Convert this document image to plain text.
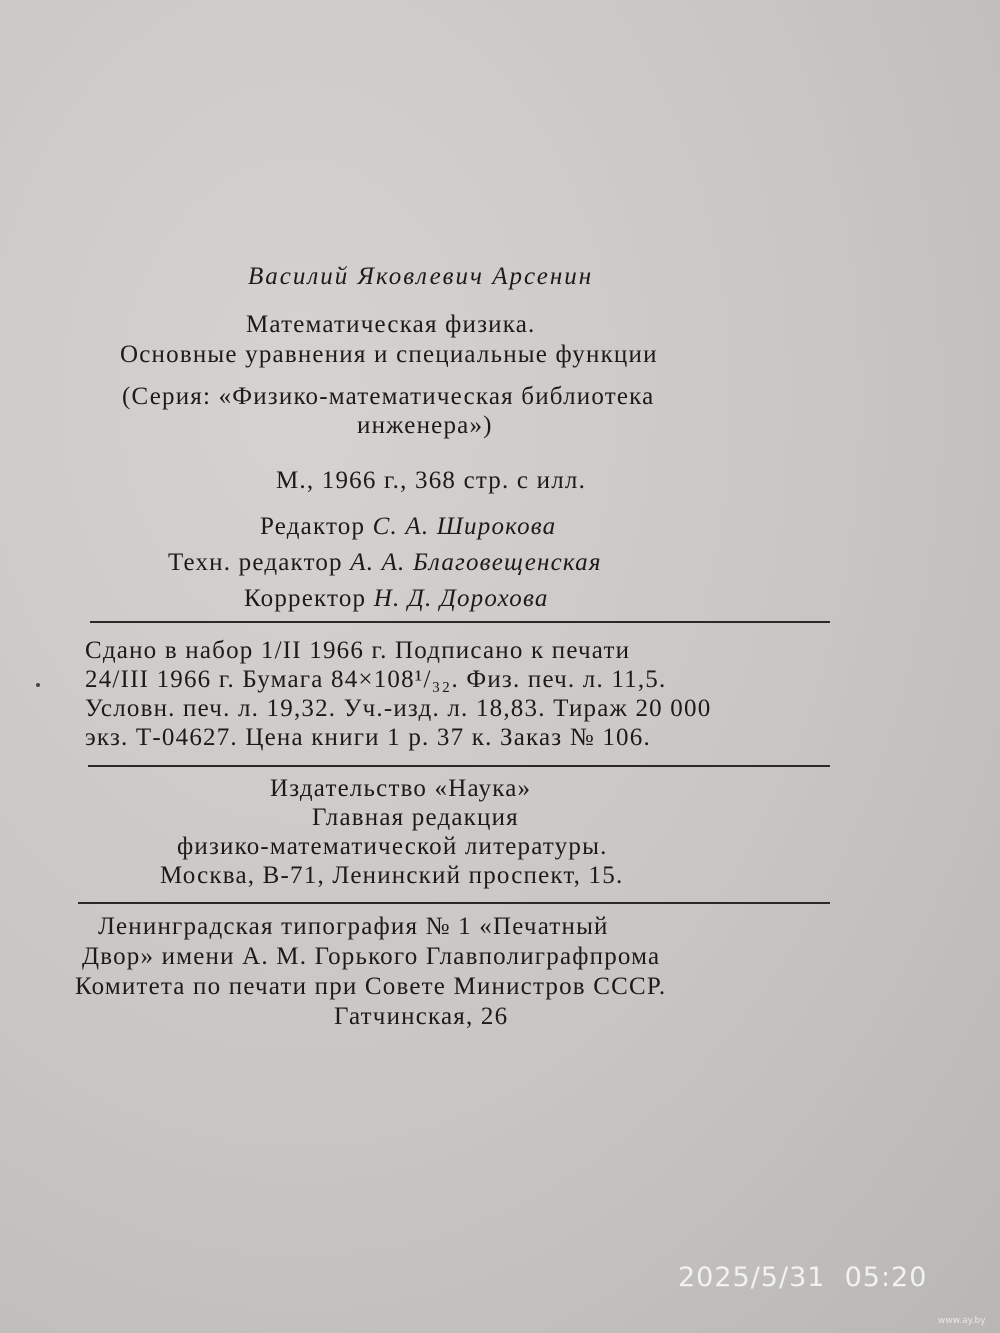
Василий Яковлевич Арсенин
Математическая физика.
Основные уравнения и специальные функции
(Серия: «Физико-математическая библиотека
инженера»)
М., 1966 г., 368 стр. с илл.
Редактор С. А. Широкова
Техн. редактор А. А. Благовещенская
Корректор Н. Д. Дорохова
Сдано в набор 1/II 1966 г. Подписано к печати
24/III 1966 г. Бумага 84×108¹/₃₂. Физ. печ. л. 11,5.
Условн. печ. л. 19,32. Уч.-изд. л. 18,83. Тираж 20 000
экз. Т-04627. Цена книги 1 р. 37 к. Заказ № 106.
Издательство «Наука»
Главная редакция
физико-математической литературы.
Москва, В-71, Ленинский проспект, 15.
Ленинградская типография № 1 «Печатный
Двор» имени А. М. Горького Главполиграфпрома
Комитета по печати при Совете Министров СССР.
Гатчинская, 26
2025/5/31  05:20
www.ay.by
